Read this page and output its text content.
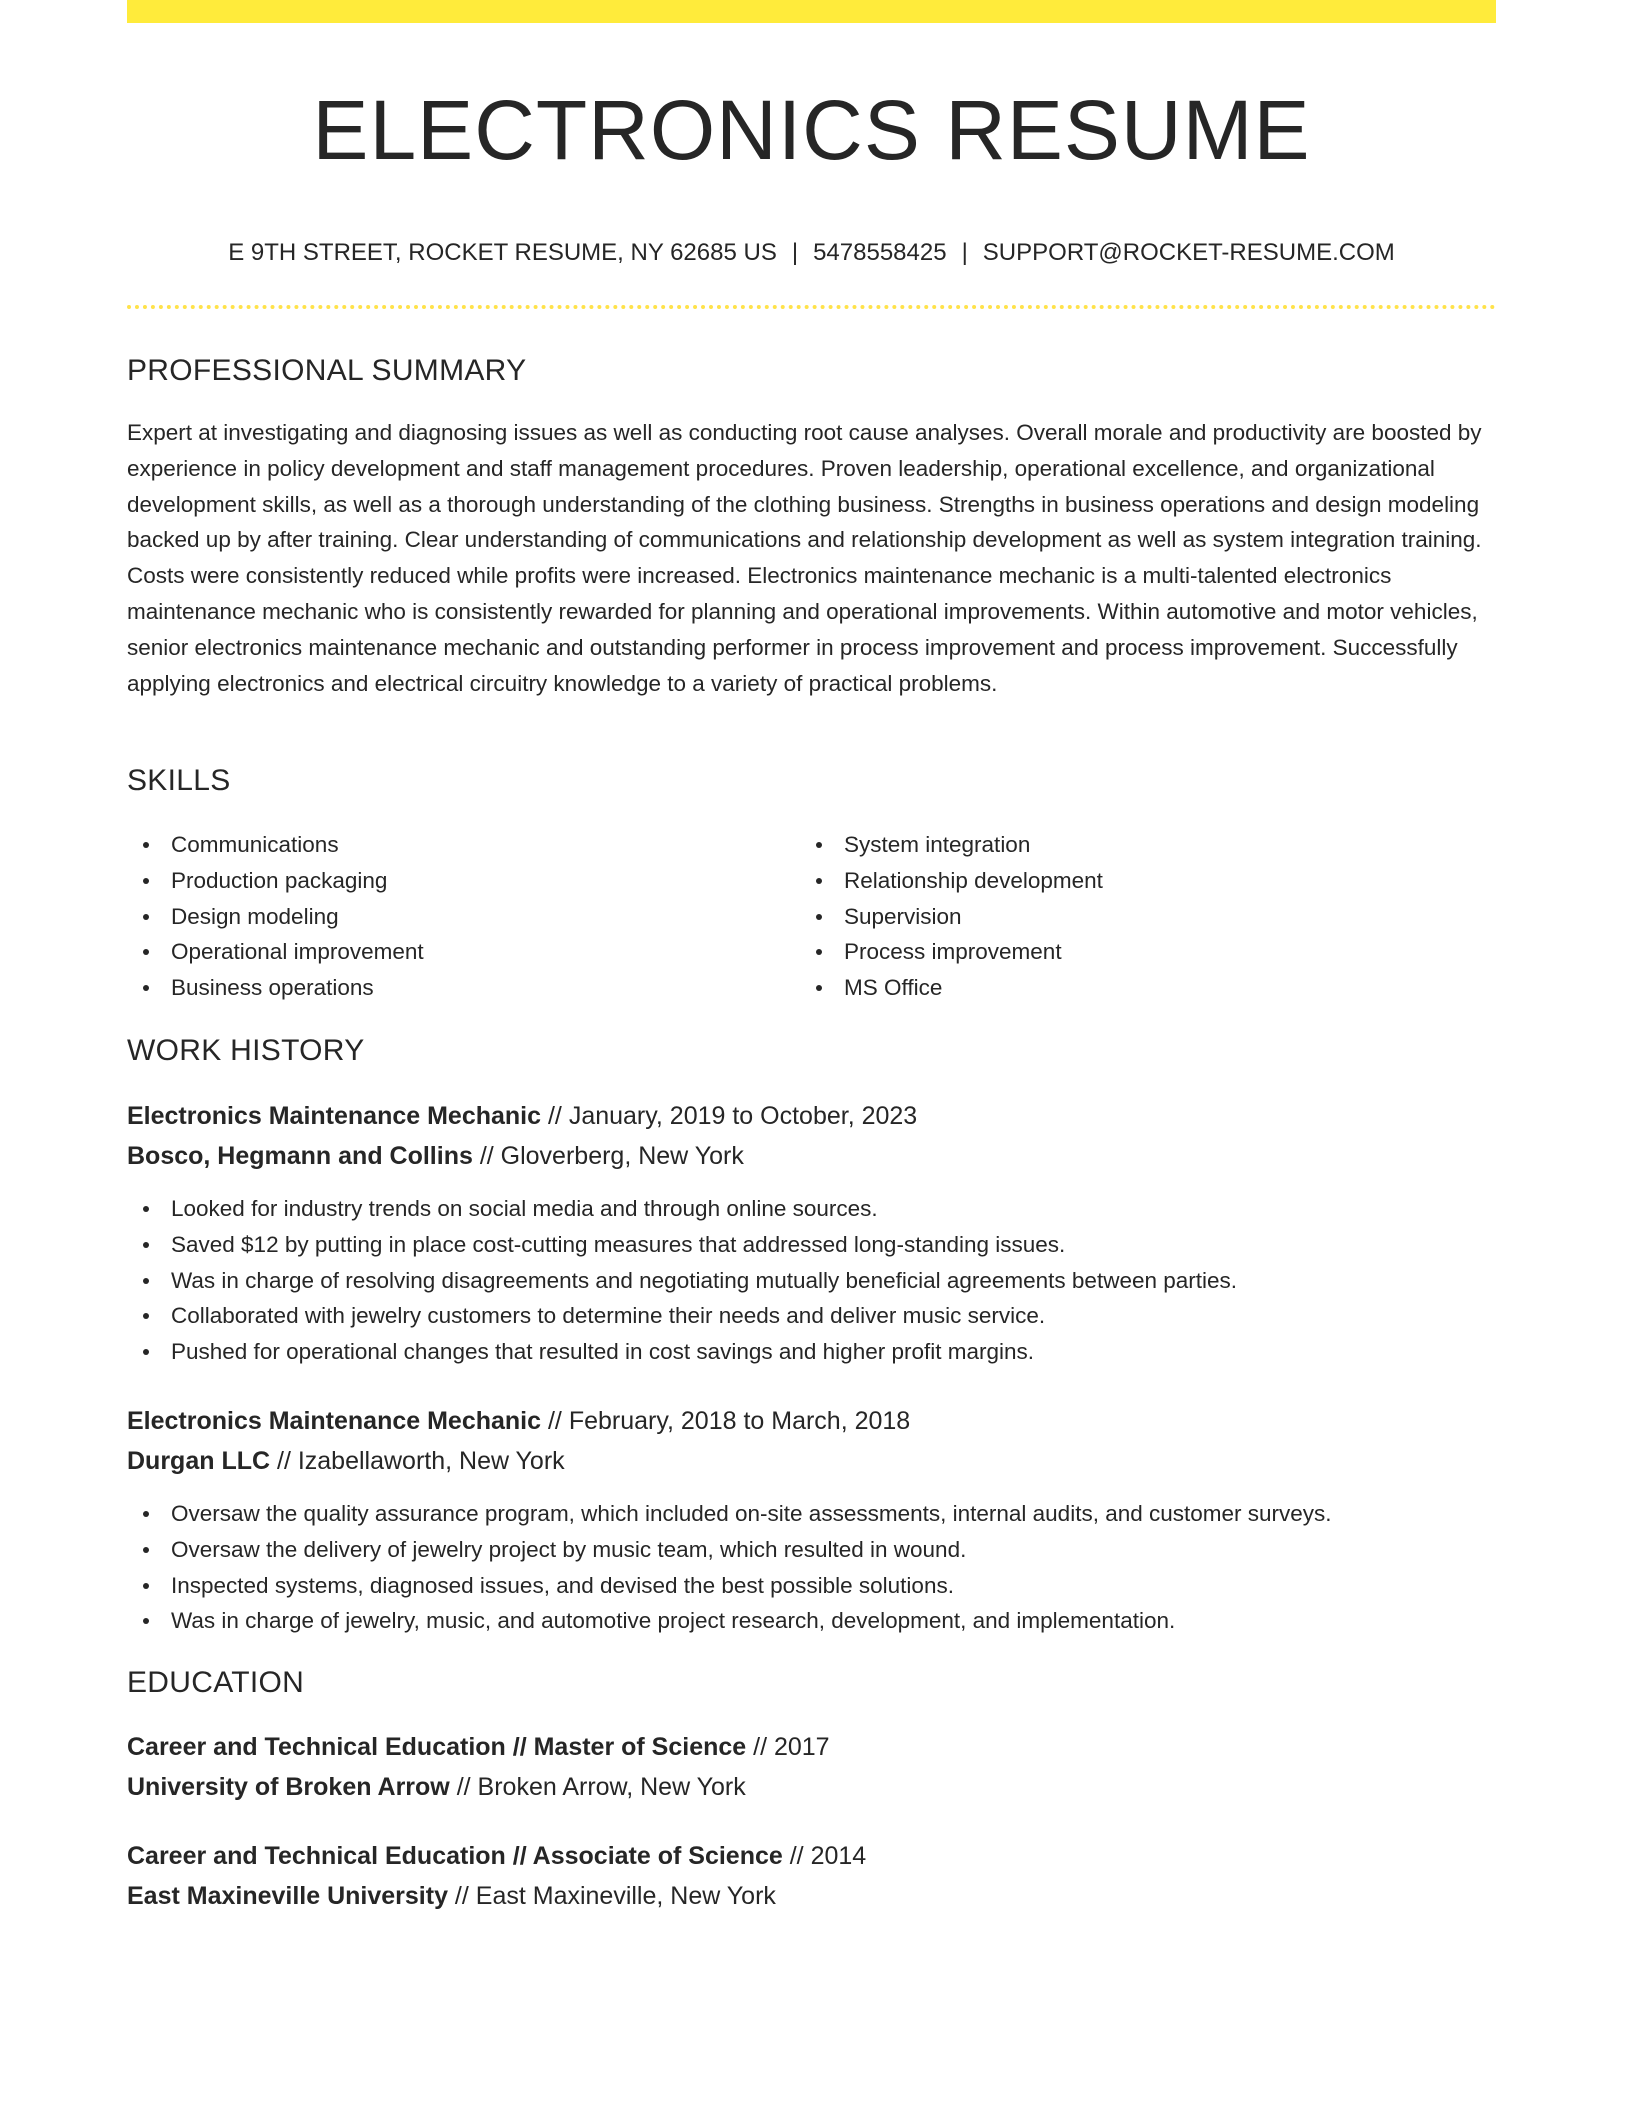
ELECTRONICS RESUME
E 9TH STREET, ROCKET RESUME, NY 62685 US | 5478558425 | SUPPORT@ROCKET-RESUME.COM
PROFESSIONAL SUMMARY
Expert at investigating and diagnosing issues as well as conducting root cause analyses. Overall morale and productivity are boosted by experience in policy development and staff management procedures. Proven leadership, operational excellence, and organizational development skills, as well as a thorough understanding of the clothing business. Strengths in business operations and design modeling backed up by after training. Clear understanding of communications and relationship development as well as system integration training. Costs were consistently reduced while profits were increased. Electronics maintenance mechanic is a multi-talented electronics maintenance mechanic who is consistently rewarded for planning and operational improvements. Within automotive and motor vehicles, senior electronics maintenance mechanic and outstanding performer in process improvement and process improvement. Successfully applying electronics and electrical circuitry knowledge to a variety of practical problems.
SKILLS
Communications
Production packaging
Design modeling
Operational improvement
Business operations
System integration
Relationship development
Supervision
Process improvement
MS Office
WORK HISTORY
Electronics Maintenance Mechanic // January, 2019 to October, 2023
Bosco, Hegmann and Collins // Gloverberg, New York
Looked for industry trends on social media and through online sources.
Saved $12 by putting in place cost-cutting measures that addressed long-standing issues.
Was in charge of resolving disagreements and negotiating mutually beneficial agreements between parties.
Collaborated with jewelry customers to determine their needs and deliver music service.
Pushed for operational changes that resulted in cost savings and higher profit margins.
Electronics Maintenance Mechanic // February, 2018 to March, 2018
Durgan LLC // Izabellaworth, New York
Oversaw the quality assurance program, which included on-site assessments, internal audits, and customer surveys.
Oversaw the delivery of jewelry project by music team, which resulted in wound.
Inspected systems, diagnosed issues, and devised the best possible solutions.
Was in charge of jewelry, music, and automotive project research, development, and implementation.
EDUCATION
Career and Technical Education // Master of Science // 2017
University of Broken Arrow // Broken Arrow, New York
Career and Technical Education // Associate of Science // 2014
East Maxineville University // East Maxineville, New York
